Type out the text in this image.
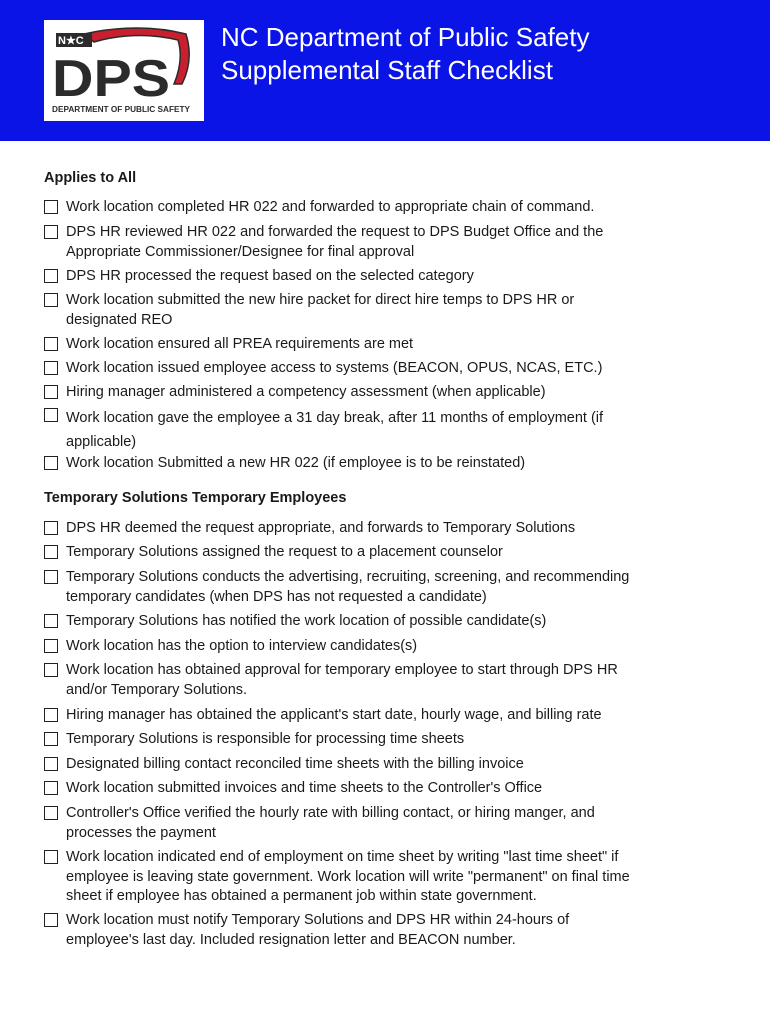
N★C
DPS
DEPARTMENT OF PUBLIC SAFETY
NC Department of Public Safety
Supplemental Staff Checklist
Applies to All
Work location completed HR 022 and forwarded to appropriate chain of command.
DPS HR reviewed HR 022 and forwarded the request to DPS Budget Office and the
Appropriate Commissioner/Designee for final approval
DPS HR processed the request based on the selected category
Work location submitted the new hire packet for direct hire temps to DPS HR or
designated REO
Work location ensured all PREA requirements are met
Work location issued employee access to systems (BEACON, OPUS, NCAS, ETC.)
Hiring manager administered a competency assessment (when applicable)
Work location gave the employee a 31 day break, after 11 months of employment (if
applicable)
Work location Submitted a new HR 022 (if employee is to be reinstated)
Temporary Solutions Temporary Employees
DPS HR deemed the request appropriate, and forwards to Temporary Solutions
Temporary Solutions assigned the request to a placement counselor
Temporary Solutions conducts the advertising, recruiting, screening, and recommending
temporary candidates (when DPS has not requested a candidate)
Temporary Solutions has notified the work location of possible candidate(s)
Work location has the option to interview candidates(s)
Work location has obtained approval for temporary employee to start through DPS HR
and/or Temporary Solutions.
Hiring manager has obtained the applicant's start date, hourly wage, and billing rate
Temporary Solutions is responsible for processing time sheets
Designated billing contact reconciled time sheets with the billing invoice
Work location submitted invoices and time sheets to the Controller's Office
Controller's Office verified the hourly rate with billing contact, or hiring manger, and
processes the payment
Work location indicated end of employment on time sheet by writing "last time sheet" if
employee is leaving state government. Work location will write "permanent" on final time
sheet if employee has obtained a permanent job within state government.
Work location must notify Temporary Solutions and DPS HR within 24-hours of
employee's last day. Included resignation letter and BEACON number.
